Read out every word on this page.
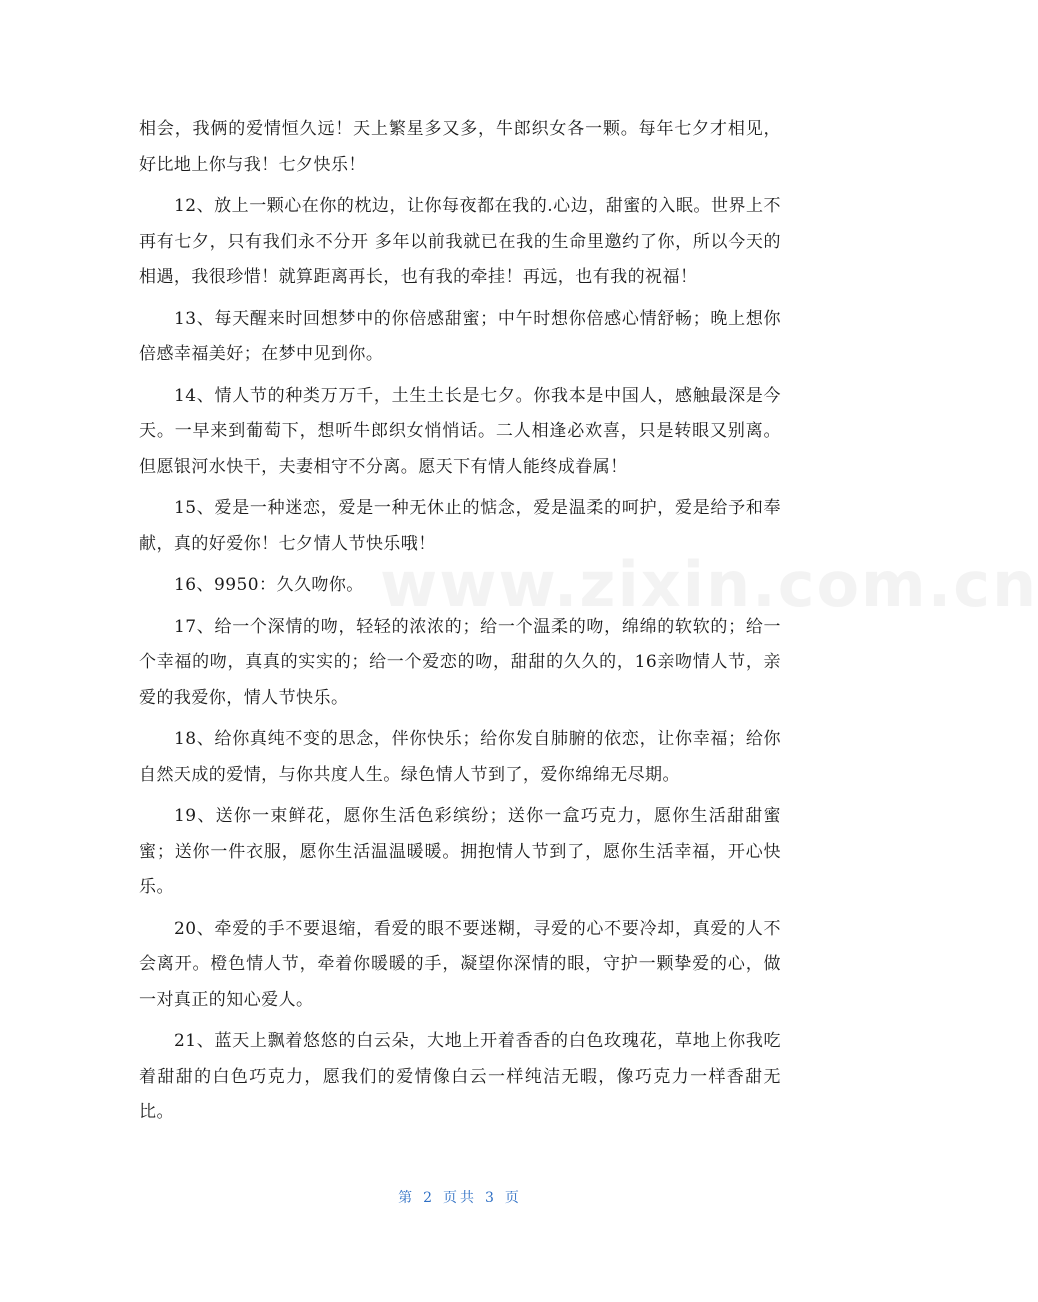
相会，我俩的爱情恒久远！天上繁星多又多，牛郎织女各一颗。每年七夕才相见，好比地上你与我！七夕快乐！

12、放上一颗心在你的枕边，让你每夜都在我的.心边，甜蜜的入眠。世界上不再有七夕，只有我们永不分开 多年以前我就已在我的生命里邀约了你，所以今天的相遇，我很珍惜！就算距离再长，也有我的牵挂！再远，也有我的祝福！

13、每天醒来时回想梦中的你倍感甜蜜；中午时想你倍感心情舒畅；晚上想你倍感幸福美好；在梦中见到你。

14、情人节的种类万万千，土生土长是七夕。你我本是中国人，感触最深是今天。一早来到葡萄下，想听牛郎织女悄悄话。二人相逢必欢喜，只是转眼又别离。但愿银河水快干，夫妻相守不分离。愿天下有情人能终成眷属！

15、爱是一种迷恋，爱是一种无休止的惦念，爱是温柔的呵护，爱是给予和奉献，真的好爱你！七夕情人节快乐哦！

16、9950：久久吻你。

17、给一个深情的吻，轻轻的浓浓的；给一个温柔的吻，绵绵的软软的；给一个幸福的吻，真真的实实的；给一个爱恋的吻，甜甜的久久的，16亲吻情人节，亲爱的我爱你，情人节快乐。

18、给你真纯不变的思念，伴你快乐；给你发自肺腑的依恋，让你幸福；给你自然天成的爱情，与你共度人生。绿色情人节到了，爱你绵绵无尽期。

19、送你一束鲜花，愿你生活色彩缤纷；送你一盒巧克力，愿你生活甜甜蜜蜜；送你一件衣服，愿你生活温温暖暖。拥抱情人节到了，愿你生活幸福，开心快乐。

20、牵爱的手不要退缩，看爱的眼不要迷糊，寻爱的心不要冷却，真爱的人不会离开。橙色情人节，牵着你暖暖的手，凝望你深情的眼，守护一颗挚爱的心，做一对真正的知心爱人。

21、蓝天上飘着悠悠的白云朵，大地上开着香香的白色玫瑰花，草地上你我吃着甜甜的白色巧克力，愿我们的爱情像白云一样纯洁无暇，像巧克力一样香甜无比。

www.zixin.com.cn
第 2 页共 3 页
